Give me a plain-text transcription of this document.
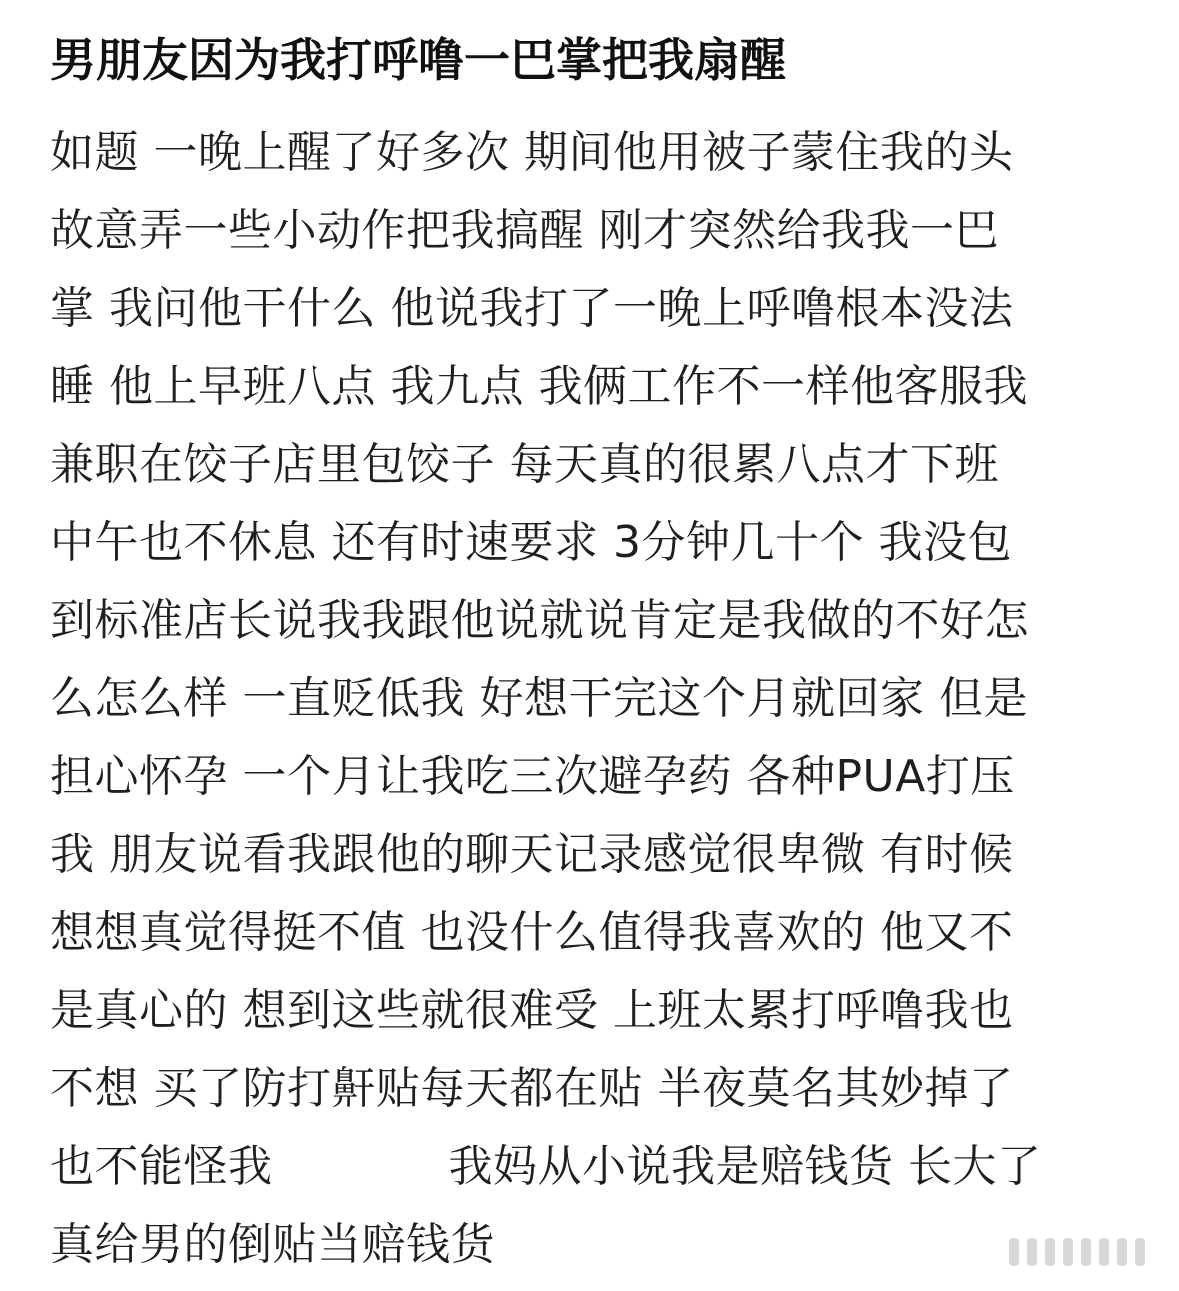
男朋友因为我打呼噜一巴掌把我扇醒
如题 一晚上醒了好多次 期间他用被子蒙住我的头
故意弄一些小动作把我搞醒 刚才突然给我我一巴
掌 我问他干什么 他说我打了一晚上呼噜根本没法
睡 他上早班八点 我九点 我俩工作不一样他客服我
兼职在饺子店里包饺子 每天真的很累八点才下班
中午也不休息 还有时速要求 3分钟几十个 我没包
到标准店长说我我跟他说就说肯定是我做的不好怎
么怎么样 一直贬低我 好想干完这个月就回家 但是
担心怀孕 一个月让我吃三次避孕药 各种PUA打压
我 朋友说看我跟他的聊天记录感觉很卑微 有时候
想想真觉得挺不值 也没什么值得我喜欢的 他又不
是真心的 想到这些就很难受 上班太累打呼噜我也
不想 买了防打鼾贴每天都在贴 半夜莫名其妙掉了
也不能怪我	我妈从小说我是赔钱货 长大了
真给男的倒贴当赔钱货
